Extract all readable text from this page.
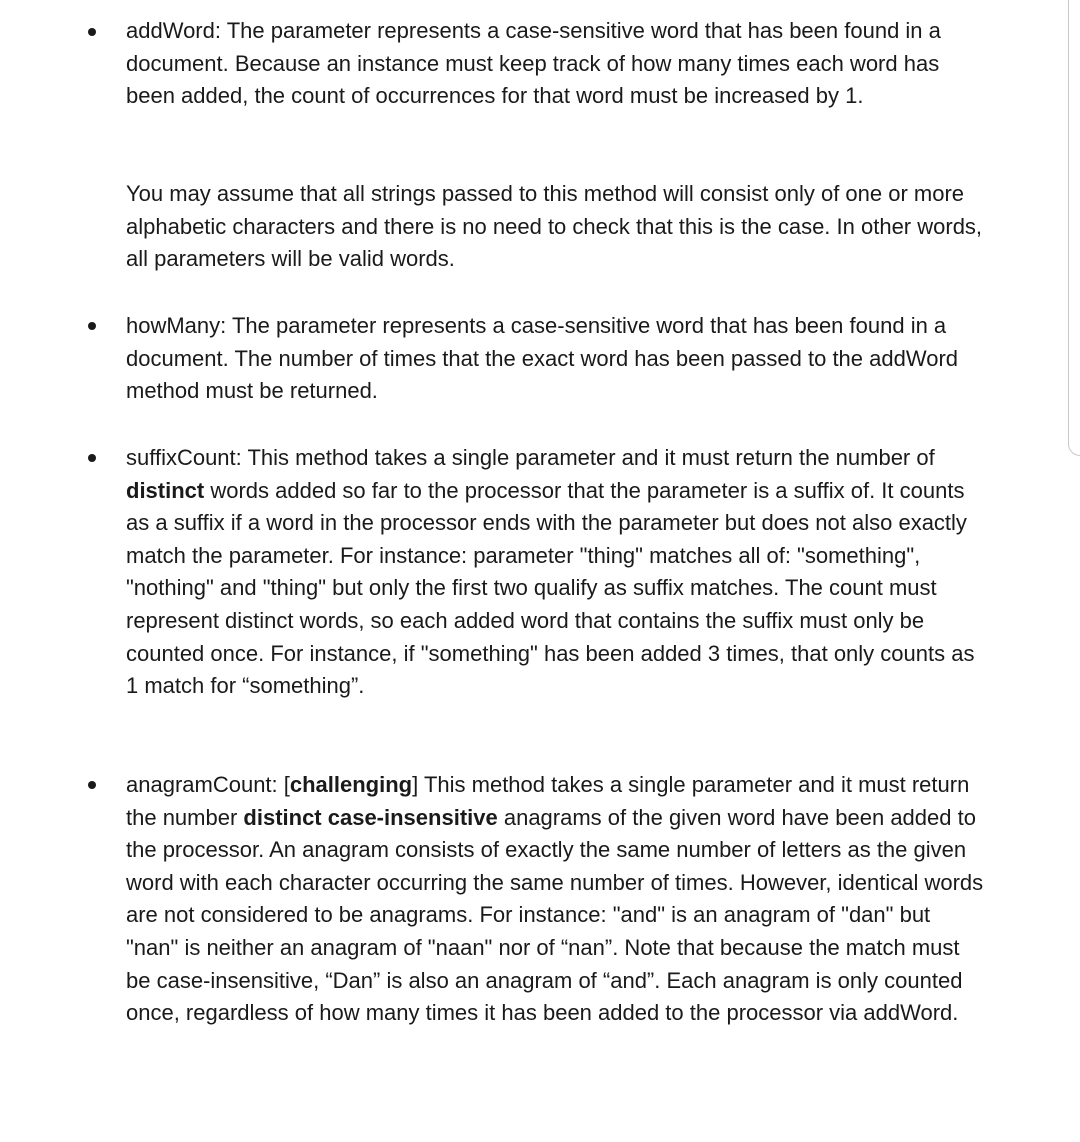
addWord: The parameter represents a case-sensitive word that has been found in a document. Because an instance must keep track of how many times each word has been added, the count of occurrences for that word must be increased by 1.

You may assume that all strings passed to this method will consist only of one or more alphabetic characters and there is no need to check that this is the case. In other words, all parameters will be valid words.

howMany: The parameter represents a case-sensitive word that has been found in a document. The number of times that the exact word has been passed to the addWord method must be returned.

suffixCount: This method takes a single parameter and it must return the number of distinct words added so far to the processor that the parameter is a suffix of. It counts as a suffix if a word in the processor ends with the parameter but does not also exactly match the parameter. For instance: parameter "thing" matches all of: "something", "nothing" and "thing" but only the first two qualify as suffix matches. The count must represent distinct words, so each added word that contains the suffix must only be counted once. For instance, if "something" has been added 3 times, that only counts as 1 match for “something”.

anagramCount: [challenging] This method takes a single parameter and it must return the number distinct case-insensitive anagrams of the given word have been added to the processor. An anagram consists of exactly the same number of letters as the given word with each character occurring the same number of times. However, identical words are not considered to be anagrams. For instance: "and" is an anagram of "dan" but "nan" is neither an anagram of "naan" nor of “nan”. Note that because the match must be case-insensitive, “Dan” is also an anagram of “and”. Each anagram is only counted once, regardless of how many times it has been added to the processor via addWord.
